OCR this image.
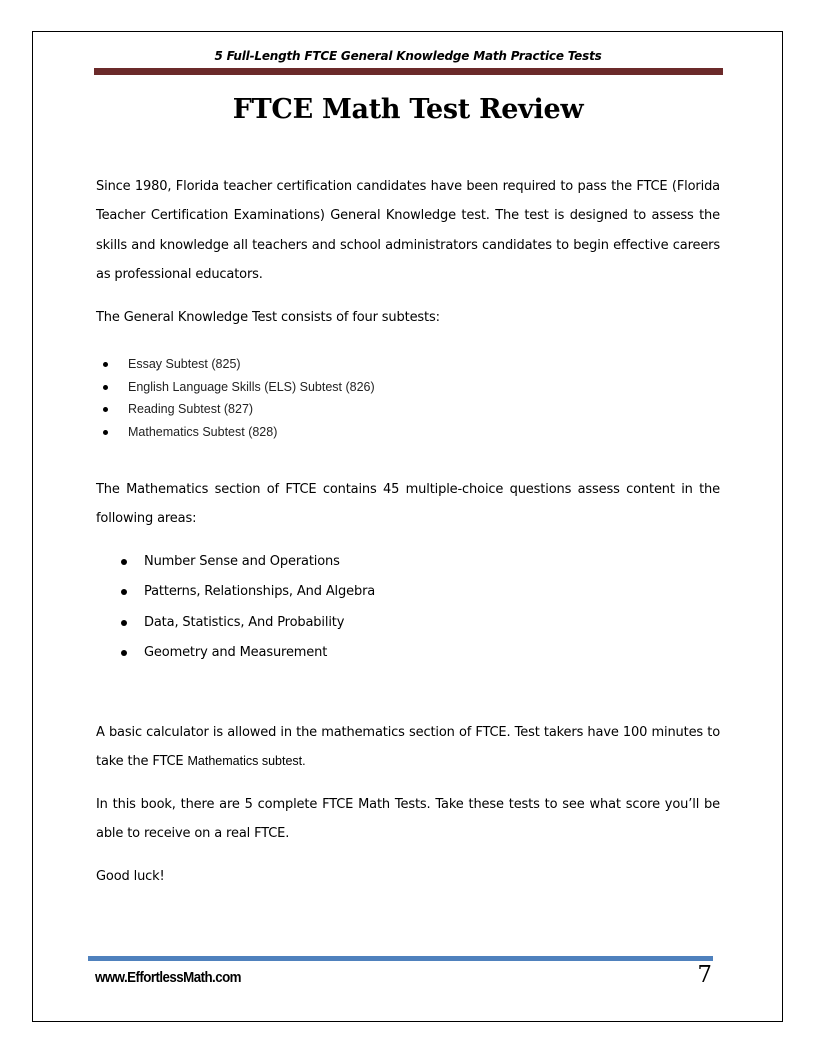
5 Full-Length FTCE General Knowledge Math Practice Tests
FTCE Math Test Review

Since 1980, Florida teacher certification candidates have been required to pass the FTCE (Florida Teacher Certification Examinations) General Knowledge test. The test is designed to assess the skills and knowledge all teachers and school administrators candidates to begin effective careers as professional educators.

The General Knowledge Test consists of four subtests:

Essay Subtest (825)
English Language Skills (ELS) Subtest (826)
Reading Subtest (827)
Mathematics Subtest (828)

The Mathematics section of FTCE contains 45 multiple-choice questions assess content in the following areas:

Number Sense and Operations
Patterns, Relationships, And Algebra
Data, Statistics, And Probability
Geometry and Measurement

A basic calculator is allowed in the mathematics section of FTCE. Test takers have 100 minutes to take the FTCE Mathematics subtest.

In this book, there are 5 complete FTCE Math Tests. Take these tests to see what score you’ll be able to receive on a real FTCE.

Good luck!

www.EffortlessMath.com	7
